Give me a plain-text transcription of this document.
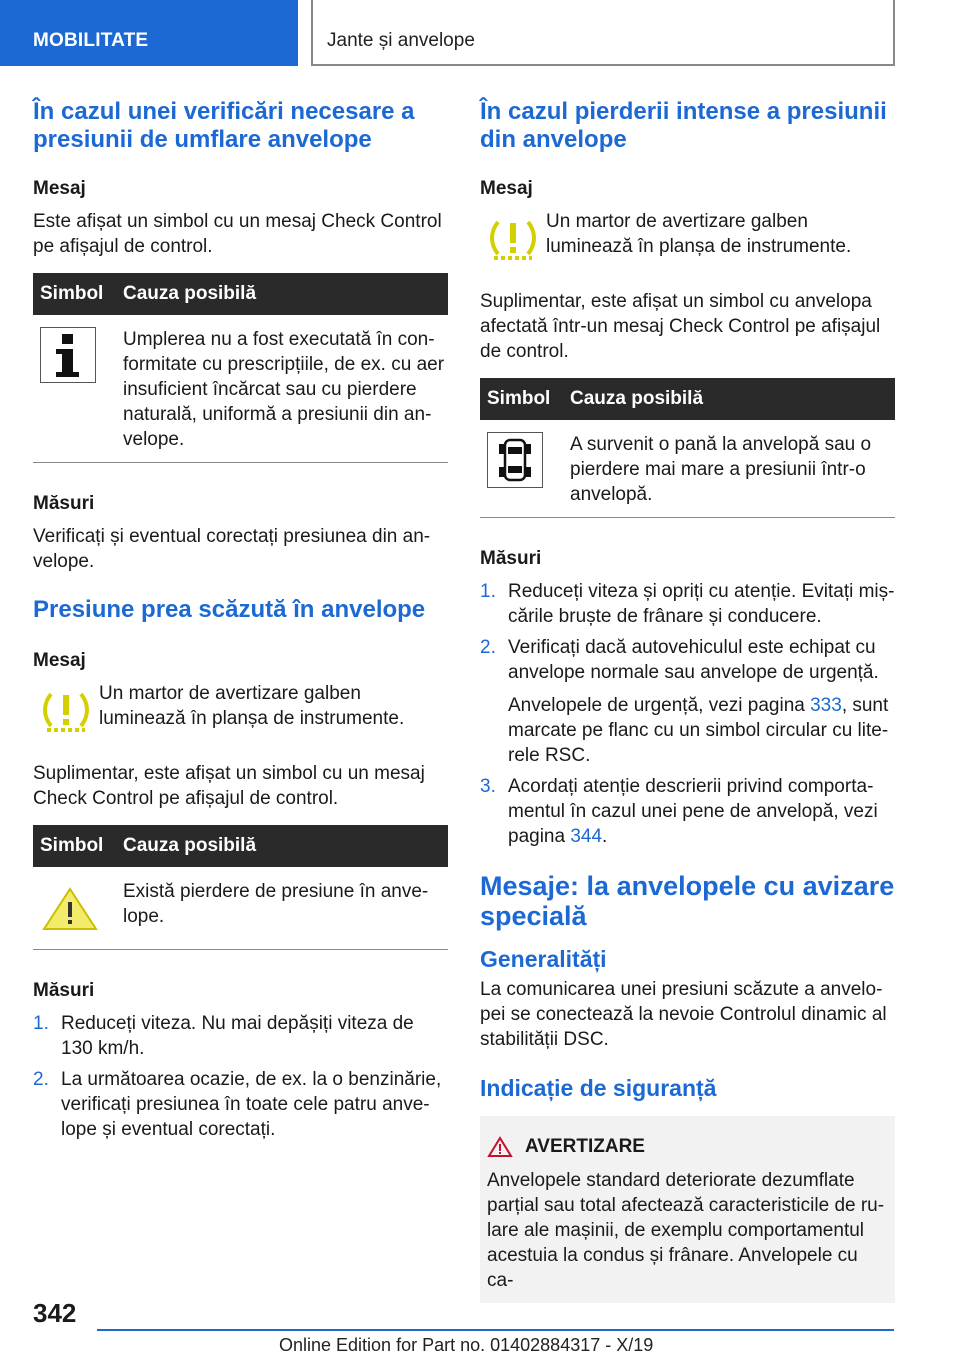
MOBILITATE	Jante și anvelope
În cazul unei verificări necesare a presiunii de umflare anvelope
Mesaj

Este afișat un simbol cu un mesaj Check Control pe afișajul de control.

Simbol	Cauza posibilă

	Umplerea nu a fost executată în conformitate cu prescripțiile, de ex. cu aer insuficient încărcat sau cu pierdere naturală, uniformă a presiunii din anvelope.
Măsuri

Verificați și eventual corectați presiunea din anvelope.

Presiune prea scăzută în anvelope
Mesaj
Un martor de avertizare galben luminează în planșa de instrumente.

Suplimentar, este afișat un simbol cu un mesaj Check Control pe afișajul de control.

Simbol	Cauza posibilă

	Există pierdere de presiune în anvelope.
Măsuri
1. Reduceți viteza. Nu mai depășiți viteza de 130 km/h.
2. La următoarea ocazie, de ex. la o benzinărie, verificați presiunea în toate cele patru anvelope și eventual corectați.
În cazul pierderii intense a presiunii din anvelope
Mesaj
Un martor de avertizare galben luminează în planșa de instrumente.

Suplimentar, este afișat un simbol cu anvelopa afectată într-un mesaj Check Control pe afișajul de control.

Simbol	Cauza posibilă

	A survenit o pană la anvelopă sau o pierdere mai mare a presiunii într-o anvelopă.
Măsuri
1. Reduceți viteza și opriți cu atenție. Evitați mișcările bruște de frânare și conducere.
2. Verificați dacă autovehiculul este echipat cu anvelope normale sau anvelope de urgență.
Anvelopele de urgență, vezi pagina 333, sunt marcate pe flanc cu un simbol circular cu literele RSC.
3. Acordați atenție descrierii privind comportamentul în cazul unei pene de anvelopă, vezi pagina 344.
Mesaje: la anvelopele cu avizare specială
Generalități

La comunicarea unei presiuni scăzute a anvelopei se conectează la nevoie Controlul dinamic al stabilității DSC.

Indicație de siguranță
AVERTIZARE

Anvelopele standard deteriorate dezumflate parțial sau total afectează caracteristicile de rulare ale mașinii, de exemplu comportamentul acestuia la condus și frânare. Anvelopele cu ca-

342
Online Edition for Part no. 01402884317 - X/19
